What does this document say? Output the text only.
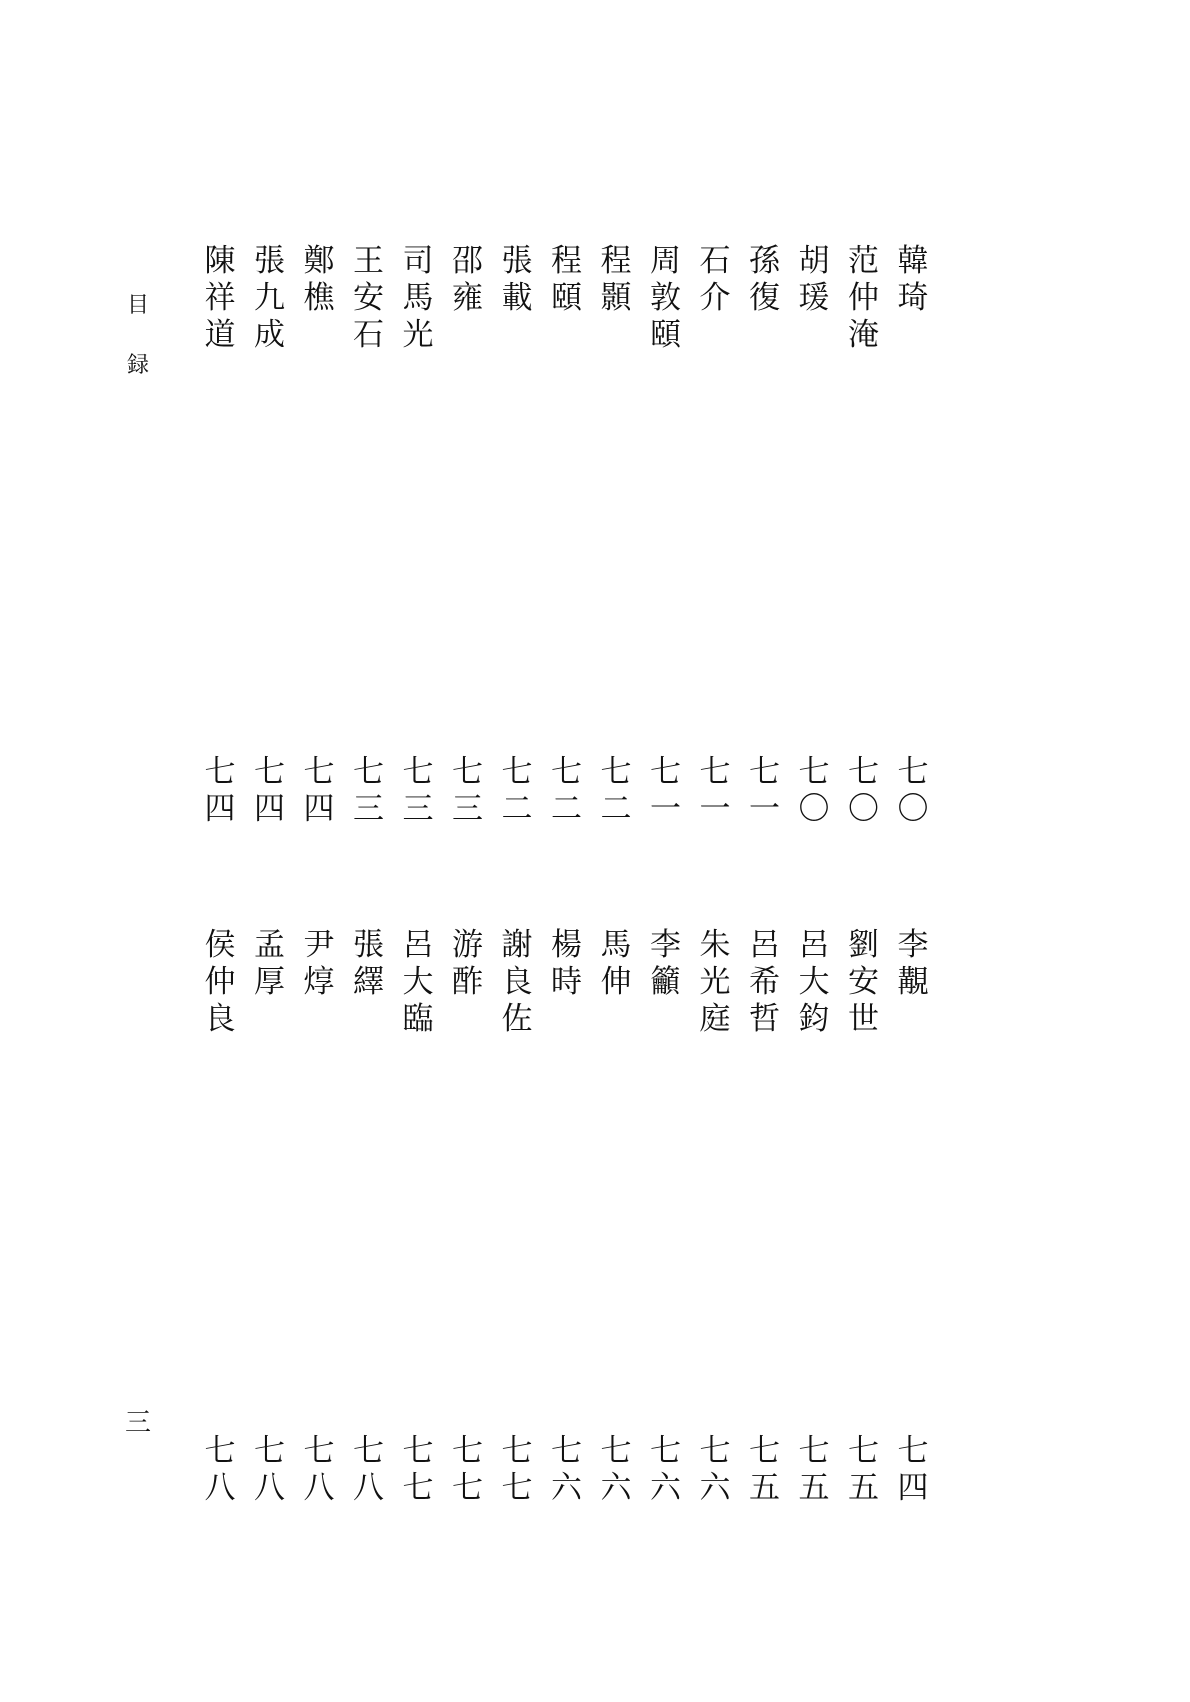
目
録
三
韓
琦
七
〇
范
仲
淹
七
〇
胡
瑗
七
〇
孫
復
七
一
石
介
七
一
周
敦
頤
七
一
程
顥
七
二
程
頤
七
二
張
載
七
二
邵
雍
七
三
司
馬
光
七
三
王
安
石
七
三
鄭
樵
七
四
張
九
成
七
四
陳
祥
道
七
四
李
覯
七
四
劉
安
世
七
五
呂
大
鈞
七
五
呂
希
哲
七
五
朱
光
庭
七
六
李
籲
七
六
馬
伸
七
六
楊
時
七
六
謝
良
佐
七
七
游
酢
七
七
呂
大
臨
七
七
張
繹
七
八
尹
焞
七
八
孟
厚
七
八
侯
仲
良
七
八
